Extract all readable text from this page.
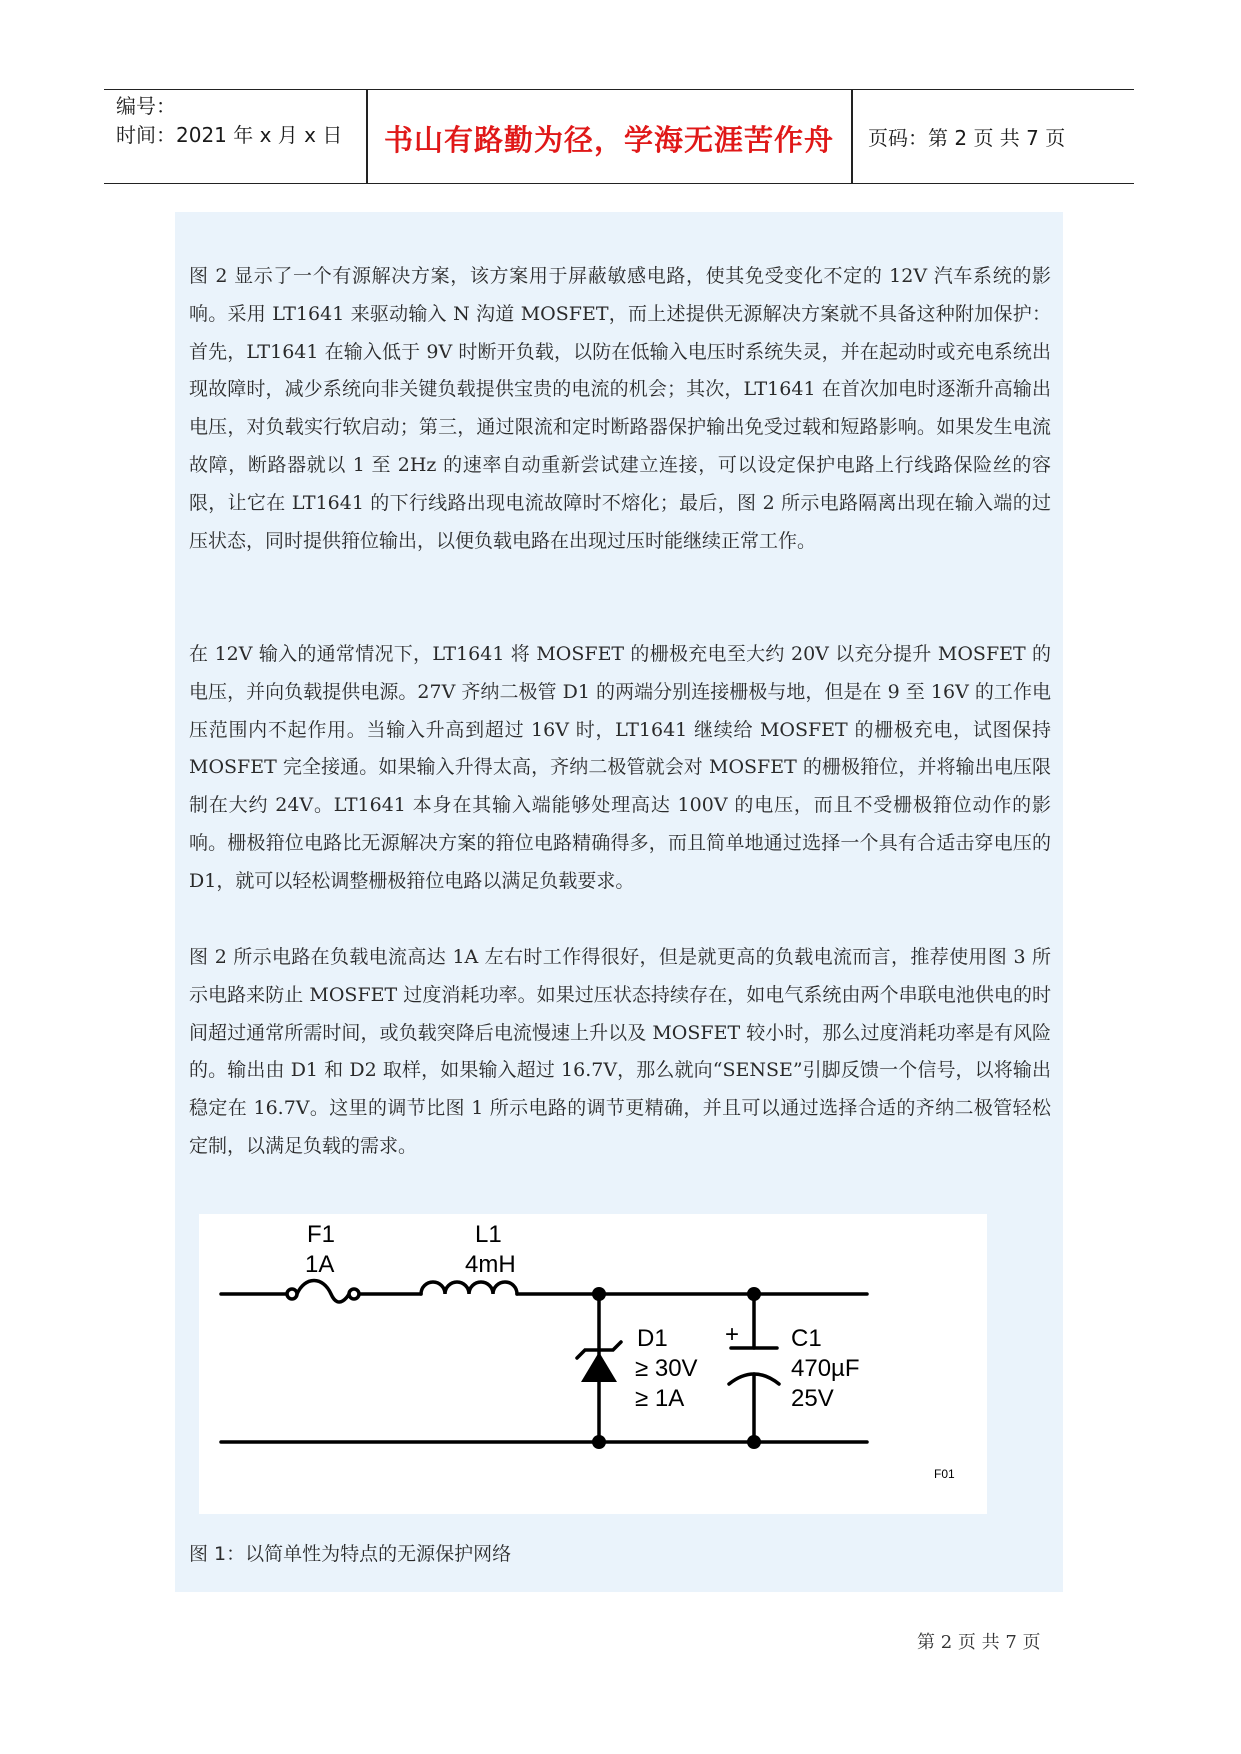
编号：
时间：2021 年 x 月 x 日	书山有路勤为径，学海无涯苦作舟	页码：第 2 页 共 7 页
图 2 显示了一个有源解决方案，该方案用于屏蔽敏感电路，使其免受变化不定的 12V 汽车系统的影响。采用 LT1641 来驱动输入 N 沟道 MOSFET，而上述提供无源解决方案就不具备这种附加保护：首先，LT1641 在输入低于 9V 时断开负载，以防在低输入电压时系统失灵，并在起动时或充电系统出现故障时，减少系统向非关键负载提供宝贵的电流的机会；其次，LT1641 在首次加电时逐渐升高输出电压，对负载实行软启动；第三，通过限流和定时断路器保护输出免受过载和短路影响。如果发生电流故障，断路器就以 1 至 2Hz 的速率自动重新尝试建立连接，可以设定保护电路上行线路保险丝的容限，让它在 LT1641 的下行线路出现电流故障时不熔化；最后，图 2 所示电路隔离出现在输入端的过压状态，同时提供箝位输出，以便负载电路在出现过压时能继续正常工作。
在 12V 输入的通常情况下，LT1641 将 MOSFET 的栅极充电至大约 20V 以充分提升 MOSFET 的电压，并向负载提供电源。27V 齐纳二极管 D1 的两端分别连接栅极与地，但是在 9 至 16V 的工作电压范围内不起作用。当输入升高到超过 16V 时，LT1641 继续给 MOSFET 的栅极充电，试图保持 MOSFET 完全接通。如果输入升得太高，齐纳二极管就会对 MOSFET 的栅极箝位，并将输出电压限制在大约 24V。LT1641 本身在其输入端能够处理高达 100V 的电压，而且不受栅极箝位动作的影响。栅极箝位电路比无源解决方案的箝位电路精确得多，而且简单地通过选择一个具有合适击穿电压的 D1，就可以轻松调整栅极箝位电路以满足负载要求。
图 2 所示电路在负载电流高达 1A 左右时工作得很好，但是就更高的负载电流而言，推荐使用图 3 所示电路来防止 MOSFET 过度消耗功率。如果过压状态持续存在，如电气系统由两个串联电池供电的时间超过通常所需时间，或负载突降后电流慢速上升以及 MOSFET 较小时，那么过度消耗功率是有风险的。输出由 D1 和 D2 取样，如果输入超过 16.7V，那么就向“SENSE”引脚反馈一个信号，以将输出稳定在 16.7V。这里的调节比图 1 所示电路的调节更精确，并且可以通过选择合适的齐纳二极管轻松定制，以满足负载的需求。
F1
1A
L1
4mH
D1
≥ 30V
≥ 1A
+ C1
470µF
25V
F01
图 1：以简单性为特点的无源保护网络
第 2 页 共 7 页
